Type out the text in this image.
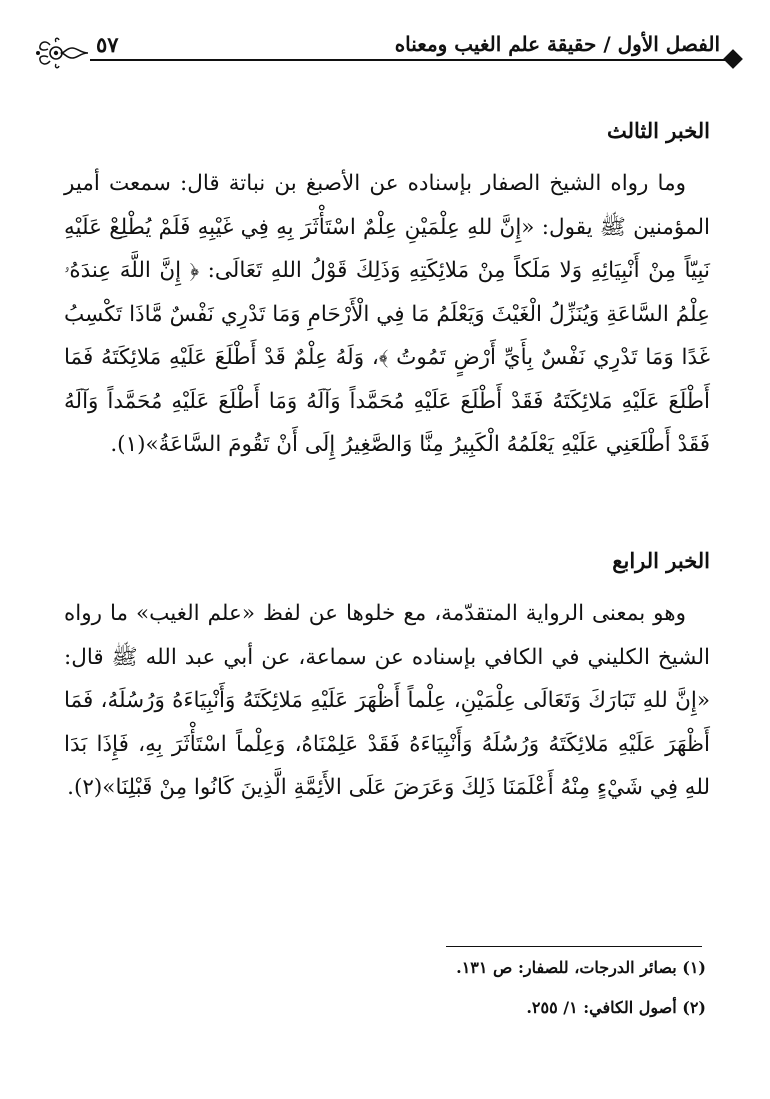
الفصل الأول / حقيقة علم الغيب ومعناه
٥٧
الخبر الثالث

وما رواه الشيخ الصفار بإسناده عن الأصبغ بن نباتة قال: سمعت أمير المؤمنين ﷺ يقول: «إِنَّ للهِ عِلْمَيْنِ عِلْمٌ اسْتَأْثَرَ بِهِ فِي غَيْبِهِ فَلَمْ يُطْلِعْ عَلَيْهِ نَبِيّاً مِنْ أَنْبِيَائِهِ وَلا مَلَكاً مِنْ مَلائِكَتِهِ وَذَلِكَ قَوْلُ اللهِ تَعَالَى: ﴿ إِنَّ اللَّهَ عِندَهُۥ عِلْمُ السَّاعَةِ وَيُنَزِّلُ الْغَيْثَ وَيَعْلَمُ مَا فِي الْأَرْحَامِ وَمَا تَدْرِي نَفْسٌ مَّاذَا تَكْسِبُ غَدًا وَمَا تَدْرِي نَفْسٌ بِأَيِّ أَرْضٍ تَمُوتُ ﴾، وَلَهُ عِلْمٌ قَدْ أَطْلَعَ عَلَيْهِ مَلائِكَتَهُ فَمَا أَطْلَعَ عَلَيْهِ مَلائِكَتَهُ فَقَدْ أَطْلَعَ عَلَيْهِ مُحَمَّداً وَآلَهُ وَمَا أَطْلَعَ عَلَيْهِ مُحَمَّداً وَآلَهُ فَقَدْ أَطْلَعَنِي عَلَيْهِ يَعْلَمُهُ الْكَبِيرُ مِنَّا وَالصَّغِيرُ إِلَى أَنْ تَقُومَ السَّاعَةُ»(١).

الخبر الرابع

وهو بمعنى الرواية المتقدّمة، مع خلوها عن لفظ «علم الغيب» ما رواه الشيخ الكليني في الكافي بإسناده عن سماعة، عن أبي عبد الله ﷺ قال: «إِنَّ للهِ تَبَارَكَ وَتَعَالَى عِلْمَيْنِ، عِلْماً أَظْهَرَ عَلَيْهِ مَلائِكَتَهُ وَأَنْبِيَاءَهُ وَرُسُلَهُ، فَمَا أَظْهَرَ عَلَيْهِ مَلائِكَتَهُ وَرُسُلَهُ وَأَنْبِيَاءَهُ فَقَدْ عَلِمْنَاهُ، وَعِلْماً اسْتَأْثَرَ بِهِ، فَإِذَا بَدَا للهِ فِي شَيْءٍ مِنْهُ أَعْلَمَنَا ذَلِكَ وَعَرَضَ عَلَى الأَئِمَّةِ الَّذِينَ كَانُوا مِنْ قَبْلِنَا»(٢).

(١) بصائر الدرجات، للصفار: ص ١٣١.
(٢) أصول الكافي: ١/ ٢٥٥.
